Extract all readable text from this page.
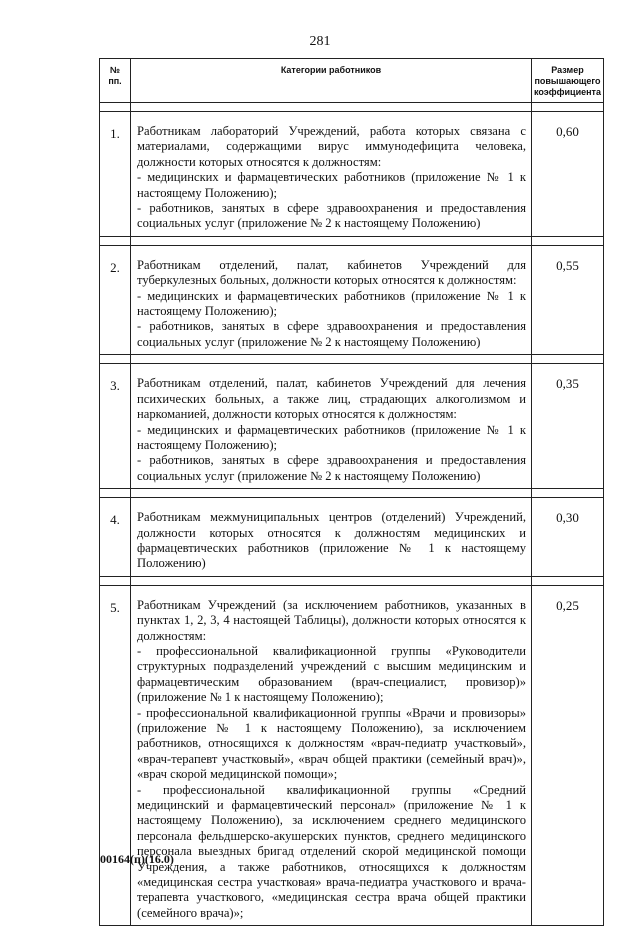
281
№
пп.	Категории работников	Размер
повышающего
коэффициента

1.	Работникам лабораторий Учреждений, работа которых связана с материалами, содержащими вирус иммунодефицита человека, должности которых относятся к должностям:

- медицинских и фармацевтических работников (приложение № 1 к настоящему Положению);

- работников, занятых в сфере здравоохранения и предоставления социальных услуг (приложение № 2 к настоящему Положению)	0,60

2.	Работникам отделений, палат, кабинетов Учреждений для туберкулезных больных, должности которых относятся к должностям:

- медицинских и фармацевтических работников (приложение № 1 к настоящему Положению);

- работников, занятых в сфере здравоохранения и предоставления социальных услуг (приложение № 2 к настоящему Положению)	0,55

3.	Работникам отделений, палат, кабинетов Учреждений для лечения психических больных, а также лиц, страдающих алкоголизмом и наркоманией, должности которых относятся к должностям:

- медицинских и фармацевтических работников (приложение № 1 к настоящему Положению);

- работников, занятых в сфере здравоохранения и предоставления социальных услуг (приложение № 2 к настоящему Положению)	0,35

4.	Работникам межмуниципальных центров (отделений) Учреждений, должности которых относятся к должностям медицинских и фармацевтических работников (приложение № 1 к настоящему Положению)	0,30

5.	Работникам Учреждений (за исключением работников, указанных в пунктах 1, 2, 3, 4 настоящей Таблицы), должности которых относятся к должностям:

- профессиональной квалификационной группы «Руководители структурных подразделений учреждений с высшим медицинским и фармацевтическим образованием (врач-специалист, провизор)» (приложение № 1 к настоящему Положению);

- профессиональной квалификационной группы «Врачи и провизоры» (приложение № 1 к настоящему Положению), за исключением работников, относящихся к должностям «врач-педиатр участковый», «врач-терапевт участковый», «врач общей практики (семейный врач)», «врач скорой медицинской помощи»;

- профессиональной квалификационной группы «Средний медицинский и фармацевтический персонал» (приложение № 1 к настоящему Положению), за исключением среднего медицинского персонала фельдшерско-акушерских пунктов, среднего медицинского персонала выездных бригад отделений скорой медицинской помощи Учреждения, а также работников, относящихся к должностям «медицинская сестра участковая» врача-педиатра участкового и врача-терапевта участкового, «медицинская сестра врача общей практики (семейного врача)»;	0,25
00164(п)(16.0)
